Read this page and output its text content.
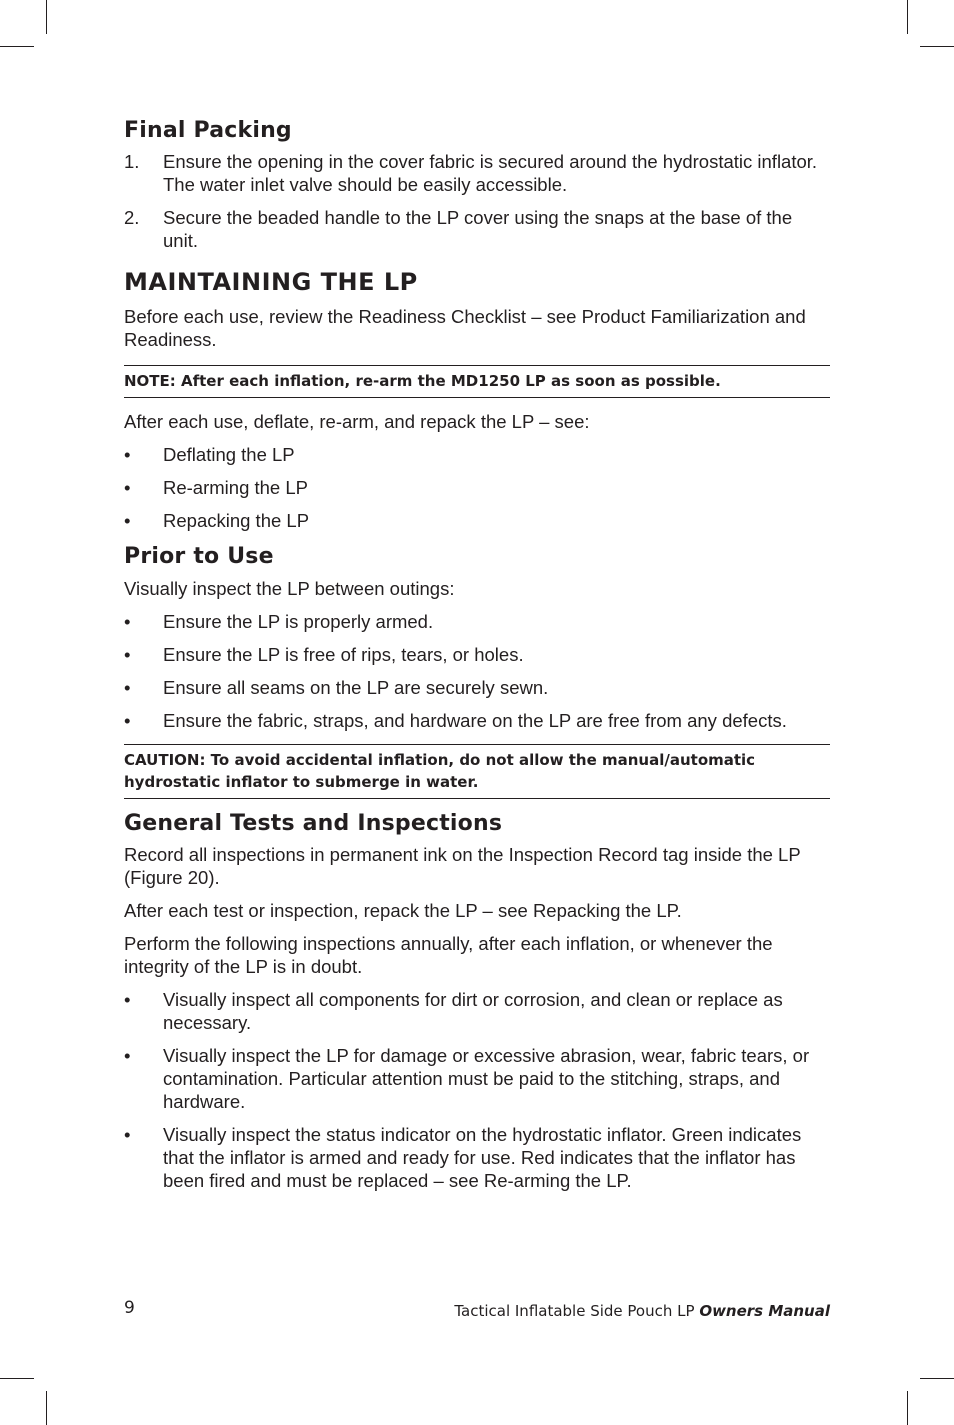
Final Packing
1. Ensure the opening in the cover fabric is secured around the hydrostatic inflator. The water inlet valve should be easily accessible.
2. Secure the beaded handle to the LP cover using the snaps at the base of the unit.
MAINTAINING THE LP

Before each use, review the Readiness Checklist – see Product Familiarization and Readiness.

NOTE: After each inflation, re-arm the MD1250 LP as soon as possible.

After each use, deflate, re-arm, and repack the LP – see:

• Deflating the LP
• Re-arming the LP
• Repacking the LP
Prior to Use

Visually inspect the LP between outings:

• Ensure the LP is properly armed.
• Ensure the LP is free of rips, tears, or holes.
• Ensure all seams on the LP are securely sewn.
• Ensure the fabric, straps, and hardware on the LP are free from any defects.
CAUTION: To avoid accidental inflation, do not allow the manual/automatic hydrostatic inflator to submerge in water.
General Tests and Inspections

Record all inspections in permanent ink on the Inspection Record tag inside the LP (Figure 20).

After each test or inspection, repack the LP – see Repacking the LP.

Perform the following inspections annually, after each inflation, or whenever the integrity of the LP is in doubt.

• Visually inspect all components for dirt or corrosion, and clean or replace as necessary.
• Visually inspect the LP for damage or excessive abrasion, wear, fabric tears, or contamination. Particular attention must be paid to the stitching, straps, and hardware.
• Visually inspect the status indicator on the hydrostatic inflator. Green indicates that the inflator is armed and ready for use. Red indicates that the inflator has been fired and must be replaced – see Re-arming the LP.
9	Tactical Inflatable Side Pouch LP Owners Manual
